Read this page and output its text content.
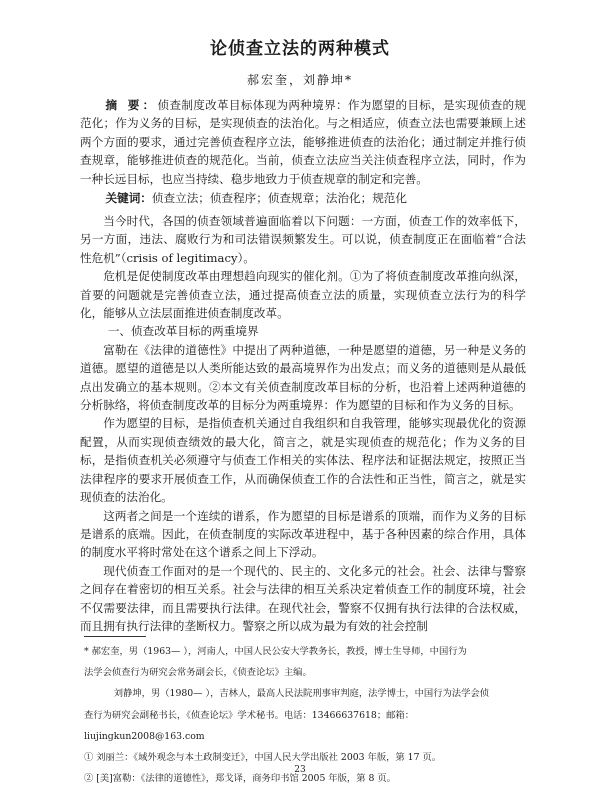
论侦查立法的两种模式
郝宏奎，刘静坤*
摘 要：侦查制度改革目标体现为两种境界：作为愿望的目标，是实现侦查的规范化；作为义务的目标，是实现侦查的法治化。与之相适应，侦查立法也需要兼顾上述两个方面的要求，通过完善侦查程序立法，能够推进侦查的法治化；通过制定并推行侦查规章，能够推进侦查的规范化。当前，侦查立法应当关注侦查程序立法，同时，作为一种长远目标，也应当持续、稳步地致力于侦查规章的制定和完善。
关键词：侦查立法；侦查程序；侦查规章；法治化；规范化

当今时代，各国的侦查领域普遍面临着以下问题：一方面，侦查工作的效率低下，另一方面，违法、腐败行为和司法错误频繁发生。可以说，侦查制度正在面临着“合法性危机”（crisis of legitimacy）。

危机是促使制度改革由理想趋向现实的催化剂。①为了将侦查制度改革推向纵深，首要的问题就是完善侦查立法，通过提高侦查立法的质量，实现侦查立法行为的科学化，能够从立法层面推进侦查制度改革。

一、侦查改革目标的两重境界

富勒在《法律的道德性》中提出了两种道德，一种是愿望的道德，另一种是义务的道德。愿望的道德是以人类所能达致的最高境界作为出发点；而义务的道德则是从最低点出发确立的基本规则。②本文有关侦查制度改革目标的分析，也沿着上述两种道德的分析脉络，将侦查制度改革的目标分为两重境界：作为愿望的目标和作为义务的目标。

作为愿望的目标，是指侦查机关通过自我组织和自我管理，能够实现最优化的资源配置，从而实现侦查绩效的最大化，简言之，就是实现侦查的规范化；作为义务的目标，是指侦查机关必须遵守与侦查工作相关的实体法、程序法和证据法规定，按照正当法律程序的要求开展侦查工作，从而确保侦查工作的合法性和正当性，简言之，就是实现侦查的法治化。

这两者之间是一个连续的谱系，作为愿望的目标是谱系的顶端，而作为义务的目标是谱系的底端。因此，在侦查制度的实际改革进程中，基于各种因素的综合作用，具体的制度水平将时常处在这个谱系之间上下浮动。

现代侦查工作面对的是一个现代的、民主的、文化多元的社会。社会、法律与警察之间存在着密切的相互关系。社会与法律的相互关系决定着侦查工作的制度环境，社会不仅需要法律，而且需要执行法律。在现代社会，警察不仅拥有执行法律的合法权威，而且拥有执行法律的垄断权力。警察之所以成为最为有效的社会控制

* 郝宏奎，男（1963— ），河南人，中国人民公安大学教务长，教授，博士生导师，中国行为
法学会侦查行为研究会常务副会长，《侦查论坛》主编。
刘静坤，男（1980— ），吉林人，最高人民法院刑事审判庭，法学博士，中国行为法学会侦
查行为研究会副秘书长，《侦查论坛》学术秘书。电话：13466637618；邮箱：liujingkun2008@163.com
① 刘丽兰：《域外观念与本土政制变迁》，中国人民大学出版社 2003 年版，第 17 页。
② [美]富勒：《法律的道德性》，郑戈译，商务印书馆 2005 年版，第 8 页。
23
